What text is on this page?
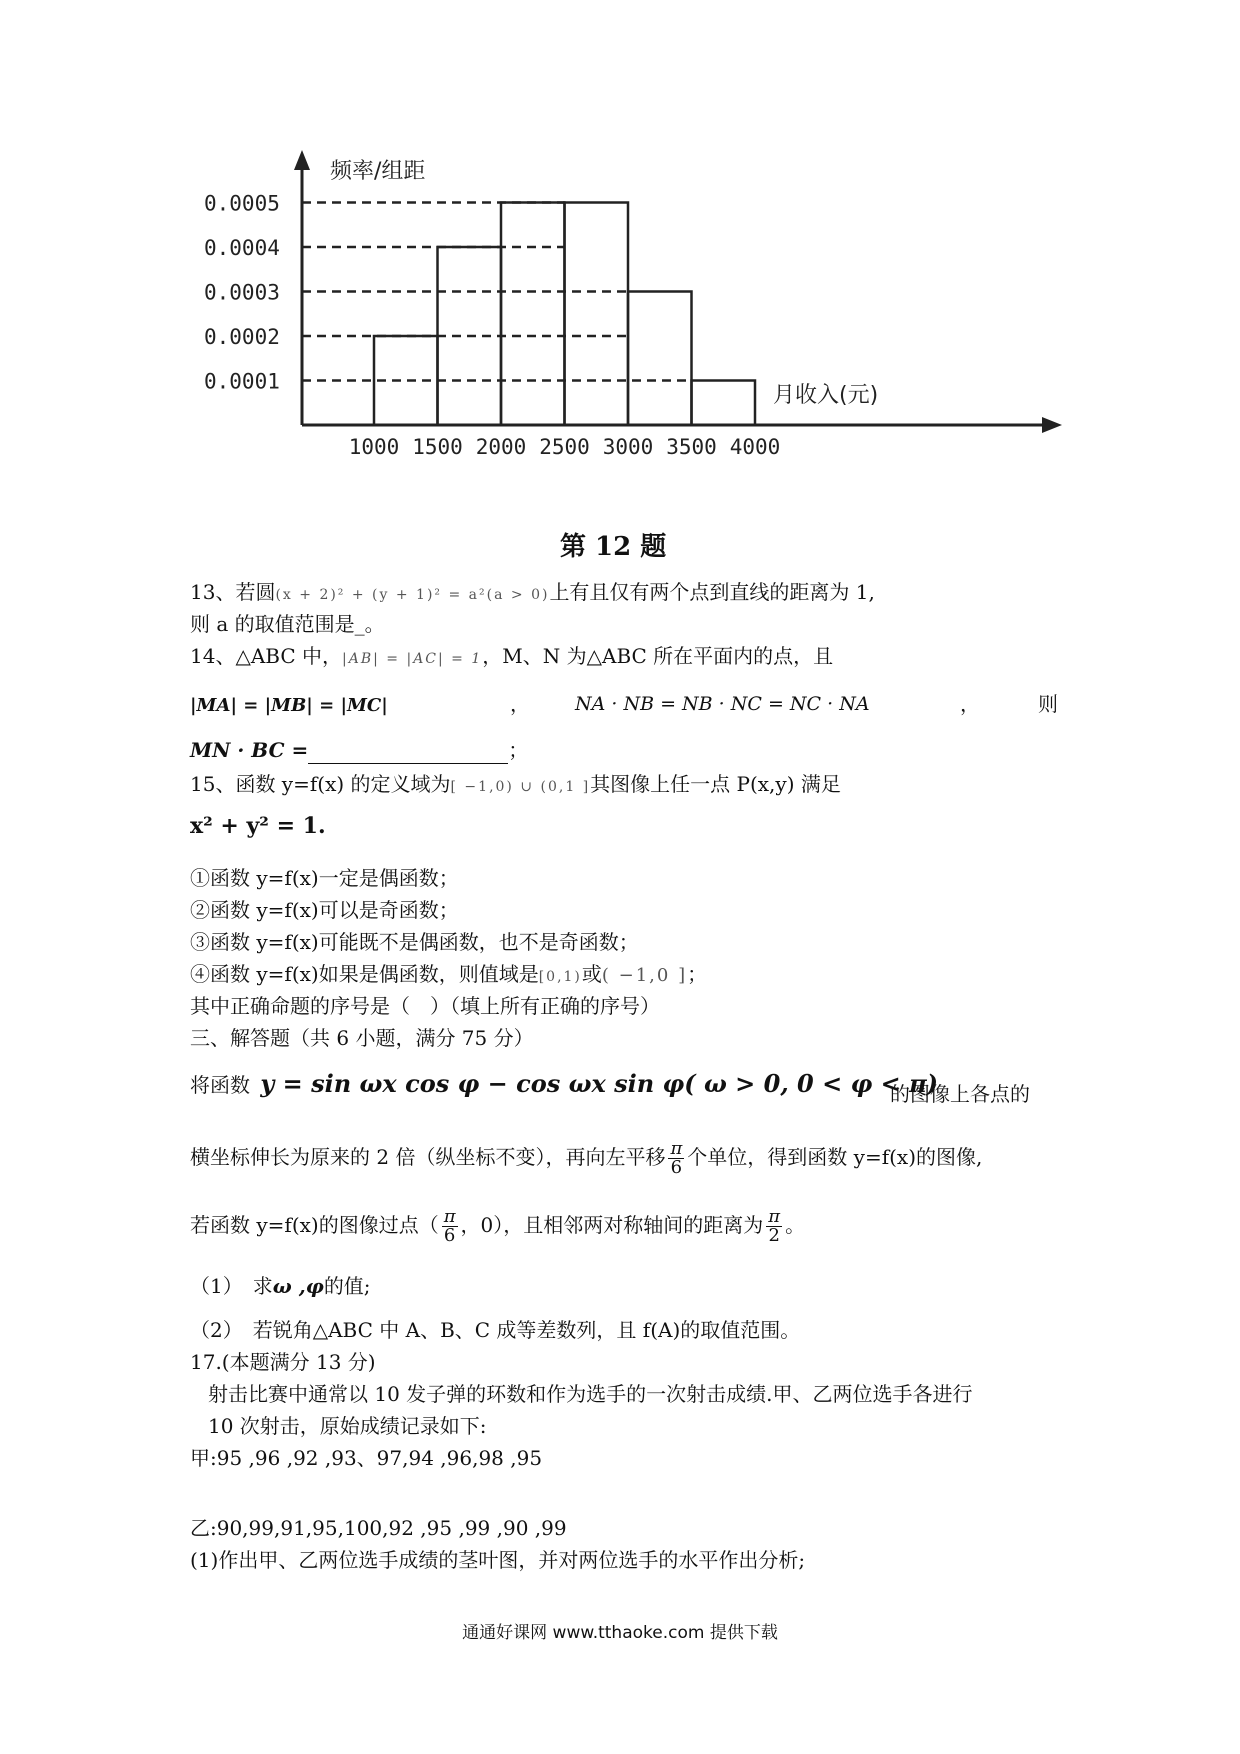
频率/组距
月收入(元)
0.0001
0.0002
0.0003
0.0004
0.0005
1000 1500 2000 2500 3000 3500 4000
第 12 题
13、若圆(x + 2)² + (y + 1)² = a²(a > 0)上有且仅有两个点到直线的距离为 1,
则 a 的取值范围是_。
14、△ABC 中，|AB| = |AC| = 1，M、N 为△ABC 所在平面内的点，且
|MA| = |MB| = |MC|	， NA · NB = NB · NC = NC · NA	，	则
MN · BC =	；
15、函数 y=f(x) 的定义域为[ −1,0) ∪ (0,1 ]其图像上任一点 P(x,y) 满足
x² + y² = 1.
①函数 y=f(x)一定是偶函数；
②函数 y=f(x)可以是奇函数；
③函数 y=f(x)可能既不是偶函数，也不是奇函数；
④函数 y=f(x)如果是偶函数，则值域是[0,1)或( −1,0 ]；
其中正确命题的序号是（　）（填上所有正确的序号）
三、解答题（共 6 小题，满分 75 分）
将函数 y = sin ωx cos φ − cos ωx sin φ( ω > 0, 0 < φ < π)
的图像上各点的
横坐标伸长为原来的 2 倍（纵坐标不变），再向左平移 $\frac{\pi}{6}$ 个单位，得到函数 y=f(x)的图像,
若函数 y=f(x)的图像过点（ $\frac{\pi}{6}$ ，0），且相邻两对称轴间的距离为 $\frac{\pi}{2}$ 。
（1）　求ω ,φ的值;
（2）　若锐角△ABC 中 A、B、C 成等差数列，且 f(A)的取值范围。
17.(本题满分 13 分)
射击比赛中通常以 10 发子弹的环数和作为选手的一次射击成绩.甲、乙两位选手各进行
10 次射击，原始成绩记录如下:
甲:95 ,96 ,92 ,93、97,94 ,96,98 ,95
乙:90,99,91,95,100,92 ,95 ,99 ,90 ,99
(1)作出甲、乙两位选手成绩的茎叶图，并对两位选手的水平作出分析;
通通好课网 www.tthaoke.com 提供下载
